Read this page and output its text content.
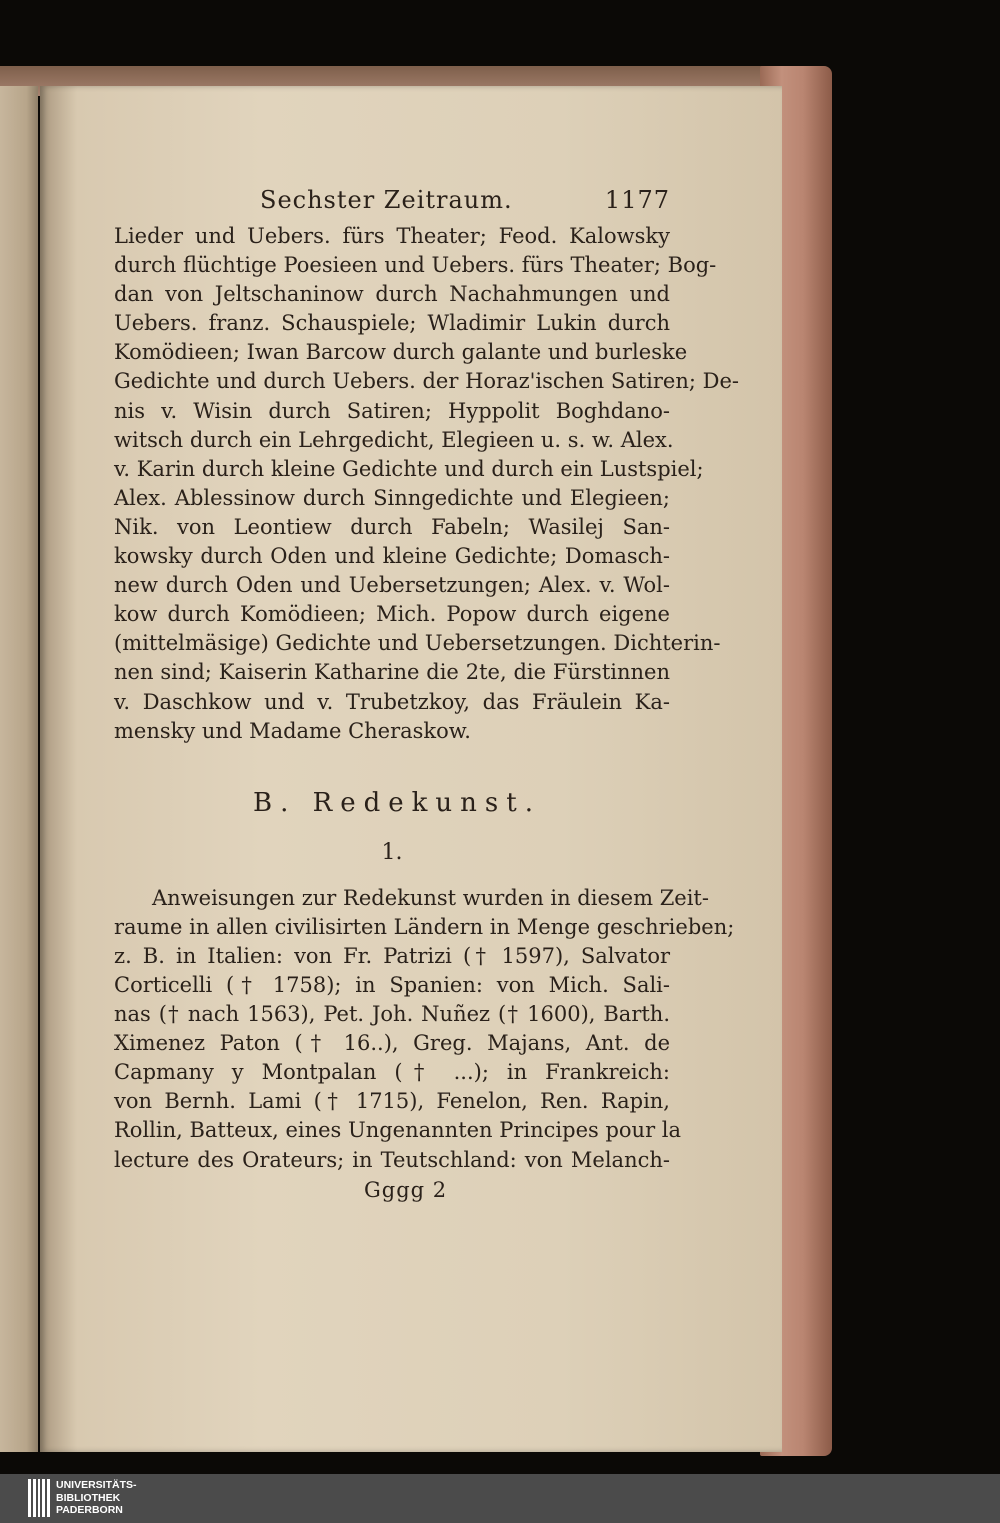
Sechster Zeitraum.	1177
Lieder und Uebers. fürs Theater; Feod. Kalowsky
durch flüchtige Poesieen und Uebers. fürs Theater; Bog-
dan von Jeltschaninow durch Nachahmungen und
Uebers. franz. Schauspiele; Wladimir Lukin durch
Komödieen; Iwan Barcow durch galante und burleske
Gedichte und durch Uebers. der Horaz'ischen Satiren; De-
nis v. Wisin durch Satiren; Hyppolit Boghdano-
witsch durch ein Lehrgedicht, Elegieen u. s. w. Alex.
v. Karin durch kleine Gedichte und durch ein Lustspiel;
Alex. Ablessinow durch Sinngedichte und Elegieen;
Nik. von Leontiew durch Fabeln; Wasilej San-
kowsky durch Oden und kleine Gedichte; Domasch-
new durch Oden und Uebersetzungen; Alex. v. Wol-
kow durch Komödieen; Mich. Popow durch eigene
(mittelmäsige) Gedichte und Uebersetzungen. Dichterin-
nen sind; Kaiserin Katharine die 2te, die Fürstinnen
v. Daschkow und v. Trubetzkoy, das Fräulein Ka-
mensky und Madame Cheraskow.
B. Redekunst.
1.
Anweisungen zur Redekunst wurden in diesem Zeit-
raume in allen civilisirten Ländern in Menge geschrieben;
z. B. in Italien: von Fr. Patrizi († 1597), Salvator
Corticelli († 1758); in Spanien: von Mich. Sali-
nas († nach 1563), Pet. Joh. Nuñez († 1600), Barth.
Ximenez Paton († 16..), Greg. Majans, Ant. de
Capmany y Montpalan († ...); in Frankreich:
von Bernh. Lami († 1715), Fenelon, Ren. Rapin,
Rollin, Batteux, eines Ungenannten Principes pour la
lecture des Orateurs; in Teutschland: von Melanch-
Gggg 2
UNIVERSITÄTS-
BIBLIOTHEK
PADERBORN
